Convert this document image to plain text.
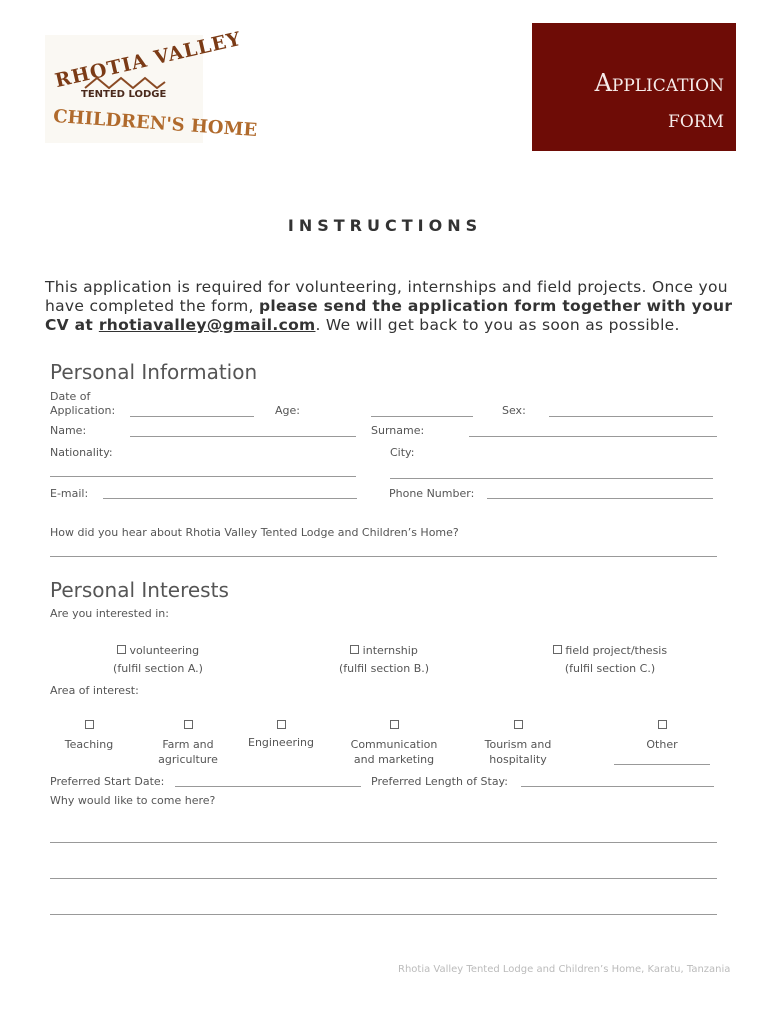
RHOTIA VALLEY
TENTED LODGE
CHILDREN'S HOME
Application
form
INSTRUCTIONS
This application is required for volunteering, internships and field projects. Once you have completed the form, please send the application form together with your CV at rhotiavalley@gmail.com. We will get back to you as soon as possible.
Personal Information
Date of
Application:	Age:	Sex:
Name:	Surname:
Nationality:	City:
E-mail:	Phone Number:
How did you hear about Rhotia Valley Tented Lodge and Children’s Home?
Personal Interests
Are you interested in:
volunteering
(fulfil section A.)
internship
(fulfil section B.)
field project/thesis
(fulfil section C.)
Area of interest:
Teaching	Farm and agriculture
Engineering	Communication and marketing
Tourism and hospitality
Other
Preferred Start Date:	Preferred Length of Stay:
Why would like to come here?
Rhotia Valley Tented Lodge and Children’s Home, Karatu, Tanzania
